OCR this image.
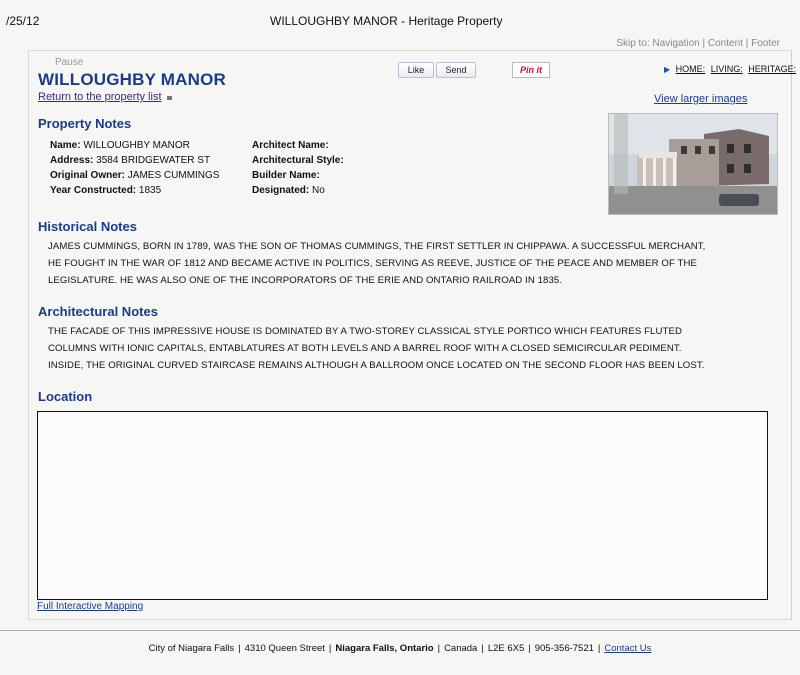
/25/12	WILLOUGHBY MANOR - Heritage Property
Skip to: Navigation | Content | Footer
Pause
WILLOUGHBY MANOR
Return to the property list
Like	Send	Pin it	▶ HOME: LIVING: HERITAGE:
View larger images
Property Notes
Name: WILLOUGHBY MANOR
Address: 3584 BRIDGEWATER ST
Original Owner: JAMES CUMMINGS
Year Constructed: 1835
Architect Name:
Architectural Style:
Builder Name:
Designated: No
Historical Notes
JAMES CUMMINGS, BORN IN 1789, WAS THE SON OF THOMAS CUMMINGS, THE FIRST SETTLER IN CHIPPAWA. A SUCCESSFUL MERCHANT,
HE FOUGHT IN THE WAR OF 1812 AND BECAME ACTIVE IN POLITICS, SERVING AS REEVE, JUSTICE OF THE PEACE AND MEMBER OF THE
LEGISLATURE. HE WAS ALSO ONE OF THE INCORPORATORS OF THE ERIE AND ONTARIO RAILROAD IN 1835.
Architectural Notes
THE FACADE OF THIS IMPRESSIVE HOUSE IS DOMINATED BY A TWO-STOREY CLASSICAL STYLE PORTICO WHICH FEATURES FLUTED
COLUMNS WITH IONIC CAPITALS, ENTABLATURES AT BOTH LEVELS AND A BARREL ROOF WITH A CLOSED SEMICIRCULAR PEDIMENT.
INSIDE, THE ORIGINAL CURVED STAIRCASE REMAINS ALTHOUGH A BALLROOM ONCE LOCATED ON THE SECOND FLOOR HAS BEEN LOST.
Location
Full Interactive Mapping
City of Niagara Falls | 4310 Queen Street | Niagara Falls, Ontario | Canada | L2E 6X5 | 905-356-7521 | Contact Us
